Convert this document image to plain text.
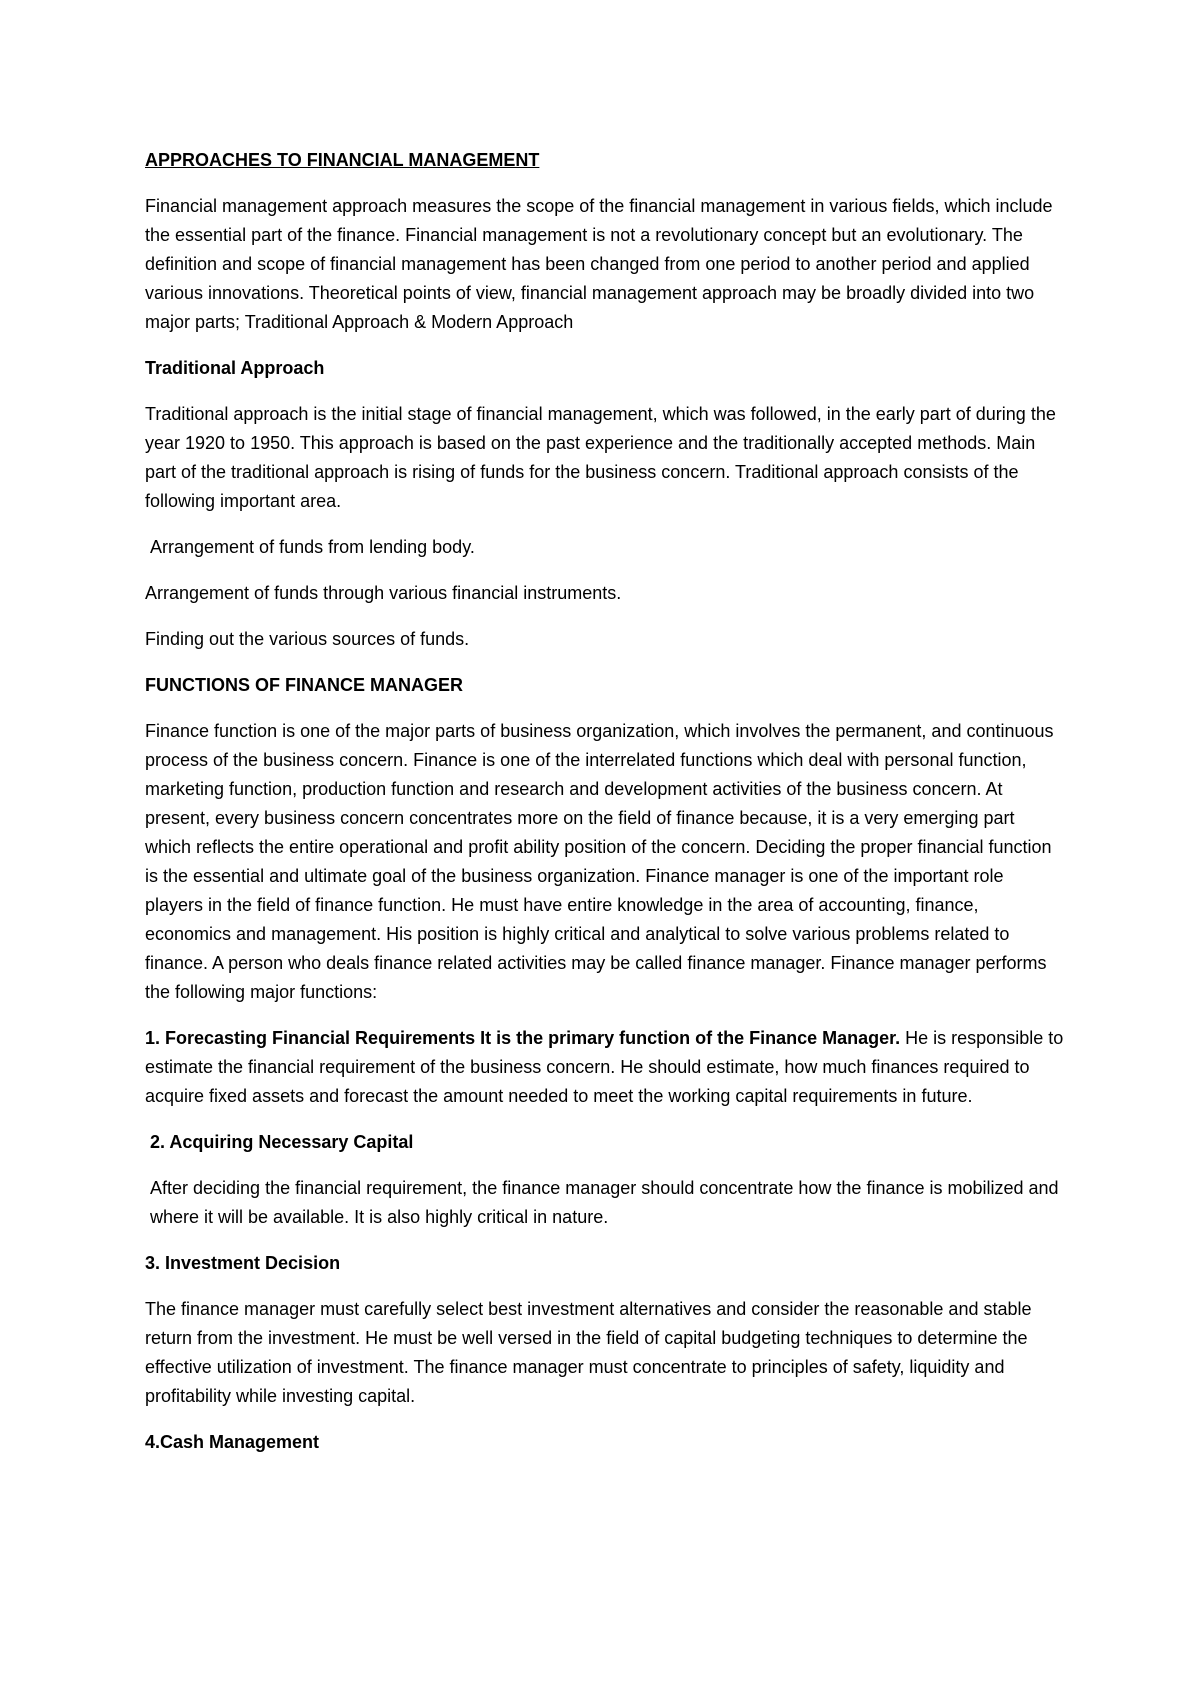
APPROACHES TO FINANCIAL MANAGEMENT

Financial management approach measures the scope of the financial management in various fields, which include the essential part of the finance. Financial management is not a revolutionary concept but an evolutionary. The definition and scope of financial management has been changed from one period to another period and applied various innovations. Theoretical points of view, financial management approach may be broadly divided into two major parts; Traditional Approach & Modern Approach

Traditional Approach

Traditional approach is the initial stage of financial management, which was followed, in the early part of during the year 1920 to 1950. This approach is based on the past experience and the traditionally accepted methods. Main part of the traditional approach is rising of funds for the business concern. Traditional approach consists of the following important area.

Arrangement of funds from lending body.

Arrangement of funds through various financial instruments.

Finding out the various sources of funds.

FUNCTIONS OF FINANCE MANAGER

Finance function is one of the major parts of business organization, which involves the permanent, and continuous process of the business concern. Finance is one of the interrelated functions which deal with personal function, marketing function, production function and research and development activities of the business concern. At present, every business concern concentrates more on the field of finance because, it is a very emerging part which reflects the entire operational and profit ability position of the concern. Deciding the proper financial function is the essential and ultimate goal of the business organization. Finance manager is one of the important role players in the field of finance function. He must have entire knowledge in the area of accounting, finance, economics and management. His position is highly critical and analytical to solve various problems related to finance. A person who deals finance related activities may be called finance manager. Finance manager performs the following major functions:

1. Forecasting Financial Requirements It is the primary function of the Finance Manager. He is responsible to estimate the financial requirement of the business concern. He should estimate, how much finances required to acquire fixed assets and forecast the amount needed to meet the working capital requirements in future.

2. Acquiring Necessary Capital

After deciding the financial requirement, the finance manager should concentrate how the finance is mobilized and where it will be available. It is also highly critical in nature.

3. Investment Decision

The finance manager must carefully select best investment alternatives and consider the reasonable and stable return from the investment. He must be well versed in the field of capital budgeting techniques to determine the effective utilization of investment. The finance manager must concentrate to principles of safety, liquidity and profitability while investing capital.

4.Cash Management
